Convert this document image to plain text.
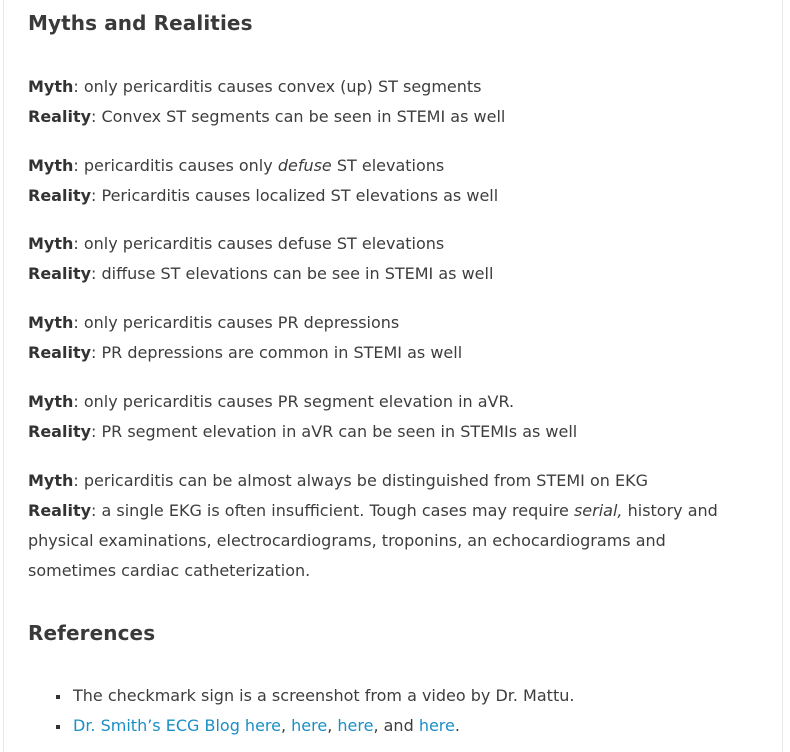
Myths and Realities

Myth: only pericarditis causes convex (up) ST segments

Reality: Convex ST segments can be seen in STEMI as well

Myth: pericarditis causes only defuse ST elevations

Reality: Pericarditis causes localized ST elevations as well

Myth: only pericarditis causes defuse ST elevations

Reality: diffuse ST elevations can be see in STEMI as well

Myth: only pericarditis causes PR depressions

Reality: PR depressions are common in STEMI as well

Myth: only pericarditis causes PR segment elevation in aVR.

Reality: PR segment elevation in aVR can be seen in STEMIs as well

Myth: pericarditis can be almost always be distinguished from STEMI on EKG

Reality: a single EKG is often insufficient. Tough cases may require serial, history and physical examinations, electrocardiograms, troponins, an echocardiograms and sometimes cardiac catheterization.

References
The checkmark sign is a screenshot from a video by Dr. Mattu.
Dr. Smith’s ECG Blog here, here, here, and here.
